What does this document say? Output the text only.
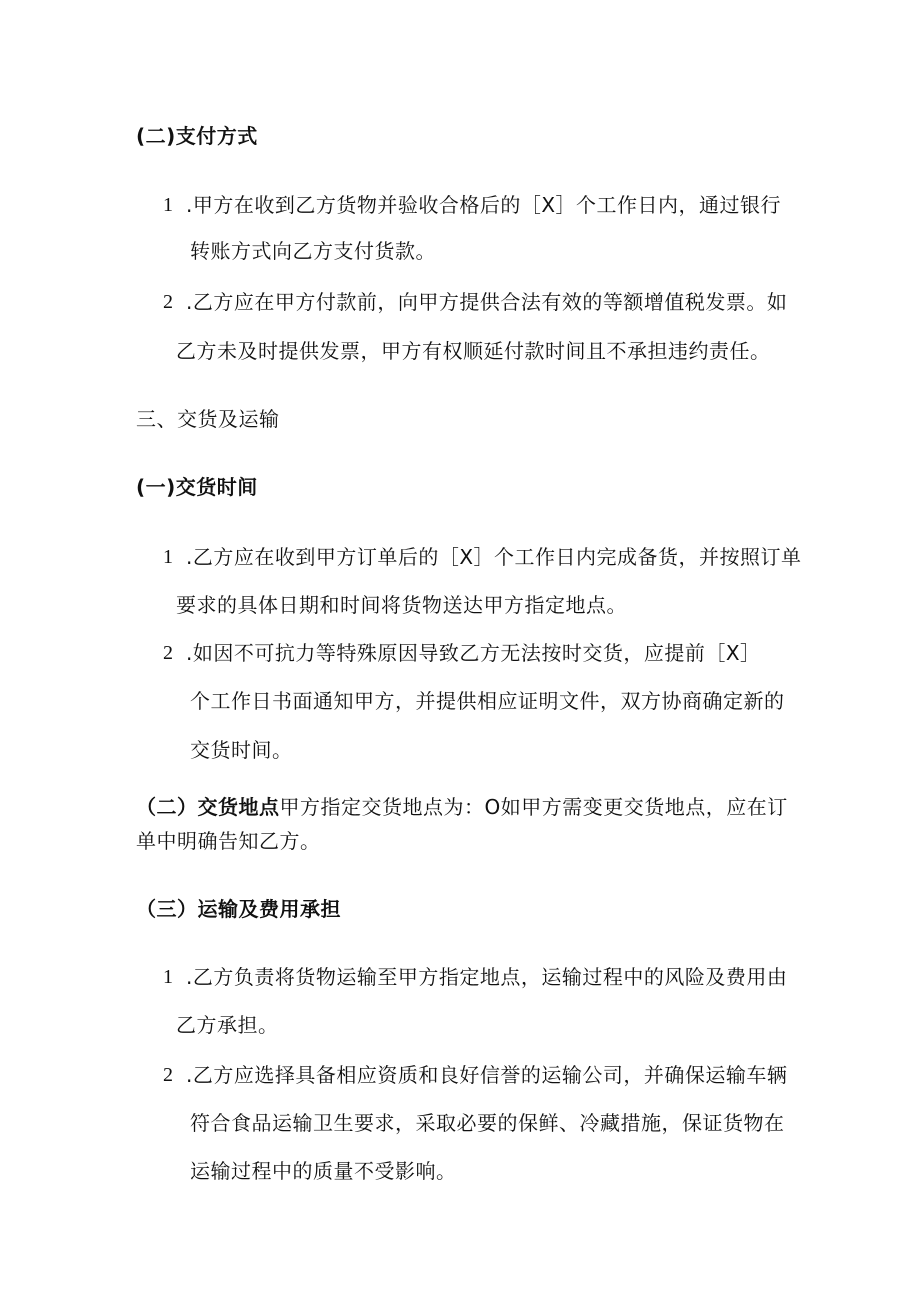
(二)支付方式
1 .甲方在收到乙方货物并验收合格后的［X］个工作日内，通过银行
转账方式向乙方支付货款。
2 .乙方应在甲方付款前，向甲方提供合法有效的等额增值税发票。如
乙方未及时提供发票，甲方有权顺延付款时间且不承担违约责任。
三、交货及运输
(一)交货时间
1 .乙方应在收到甲方订单后的［X］个工作日内完成备货，并按照订单
要求的具体日期和时间将货物送达甲方指定地点。
2 .如因不可抗力等特殊原因导致乙方无法按时交货，应提前［X］
个工作日书面通知甲方，并提供相应证明文件，双方协商确定新的
交货时间。
（二）交货地点甲方指定交货地点为：O如甲方需变更交货地点，应在订
单中明确告知乙方。
（三）运输及费用承担
1 .乙方负责将货物运输至甲方指定地点，运输过程中的风险及费用由
乙方承担。
2 .乙方应选择具备相应资质和良好信誉的运输公司，并确保运输车辆
符合食品运输卫生要求，采取必要的保鲜、冷藏措施，保证货物在
运输过程中的质量不受影响。
